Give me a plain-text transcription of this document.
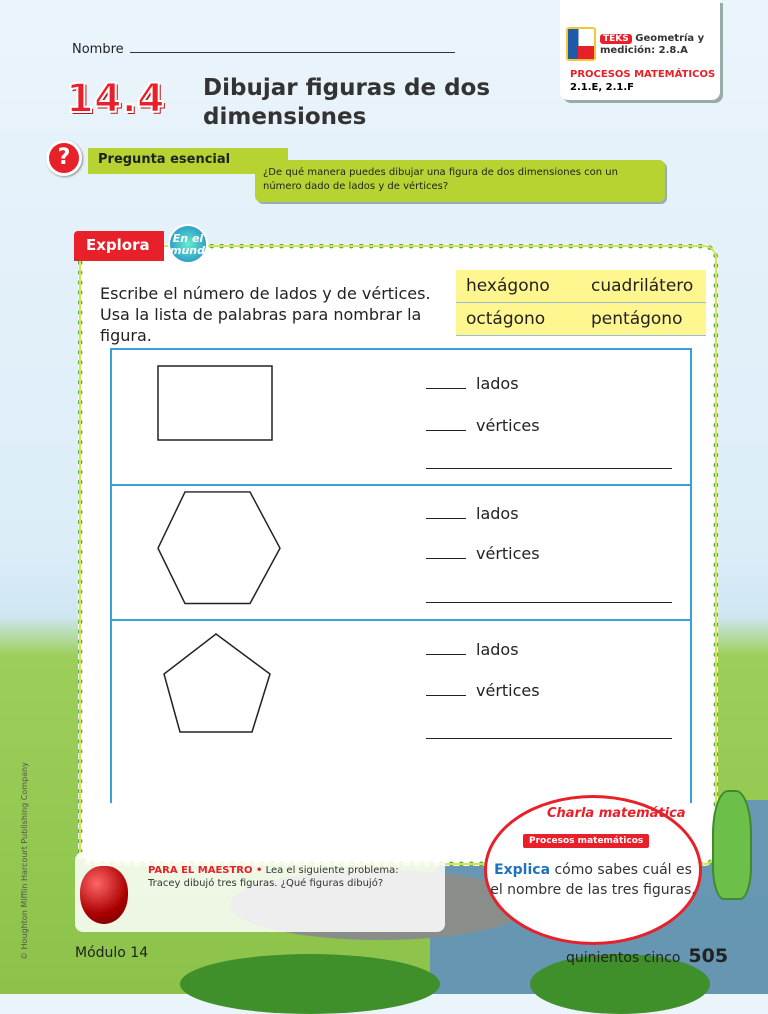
Nombre
14.4 Dibujar figuras de dos dimensiones
TEKS Geometría y medición: 2.8.A
PROCESOS MATEMÁTICOS
2.1.E, 2.1.F
Pregunta esencial
?
¿De qué manera puedes dibujar una figura de dos dimensiones con un número dado de lados y de vértices?
Explora	En el mundo
Escribe el número de lados y de vértices. Usa la lista de palabras para nombrar la figura.
hexágono	cuadrilátero
octágono	pentágono
lados
vértices
lados
vértices
lados
vértices
PARA EL MAESTRO • Lea el siguiente problema:
Tracey dibujó tres figuras. ¿Qué figuras dibujó?
Charla matemática
Procesos matemáticos
Explica cómo sabes cuál es el nombre de las tres figuras.
Módulo 14	quinientos cinco 505
© Houghton Mifflin Harcourt Publishing Company
